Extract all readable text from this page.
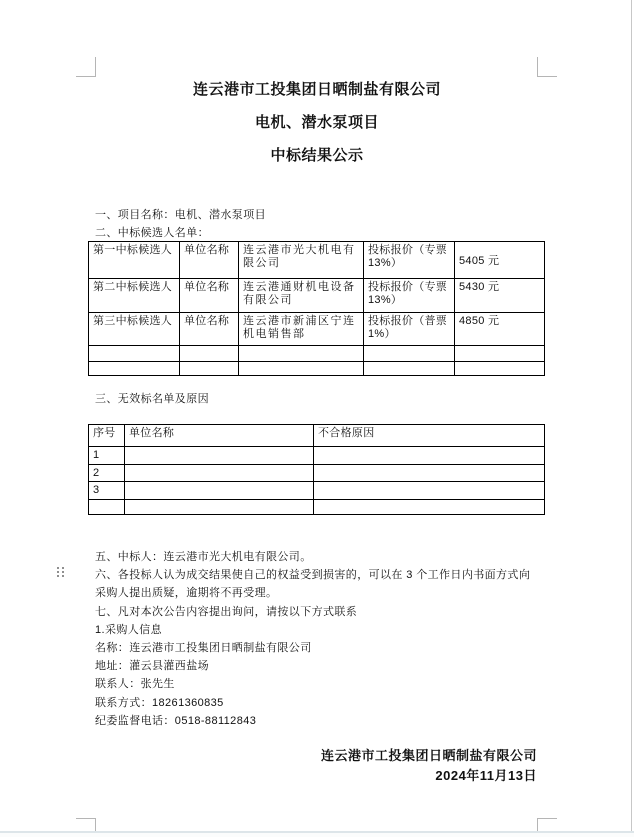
连云港市工投集团日晒制盐有限公司
电机、潜水泵项目
中标结果公示
一、项目名称：电机、潜水泵项目
二、中标候选人名单：
第一中标候选人	单位名称	连云港市光大机电有限公司	投标报价（专票13%）	5405 元
第二中标候选人	单位名称	连云港通财机电设备有限公司	投标报价（专票13%）	5430 元
第三中标候选人	单位名称	连云港市新浦区宁连机电销售部	投标报价（普票1%）	4850 元

三、无效标名单及原因
序号	单位名称	不合格原因
1		
2		
3		

五、中标人：连云港市光大机电有限公司。

六、各投标人认为成交结果使自己的权益受到损害的，可以在 3 个工作日内书面方式向采购人提出质疑，逾期将不再受理。

七、凡对本次公告内容提出询问，请按以下方式联系

1.采购人信息

名称：连云港市工投集团日晒制盐有限公司

地址：灌云县灌西盐场

联系人：张先生

联系方式：18261360835

纪委监督电话：0518-88112843

连云港市工投集团日晒制盐有限公司
2024年11月13日
